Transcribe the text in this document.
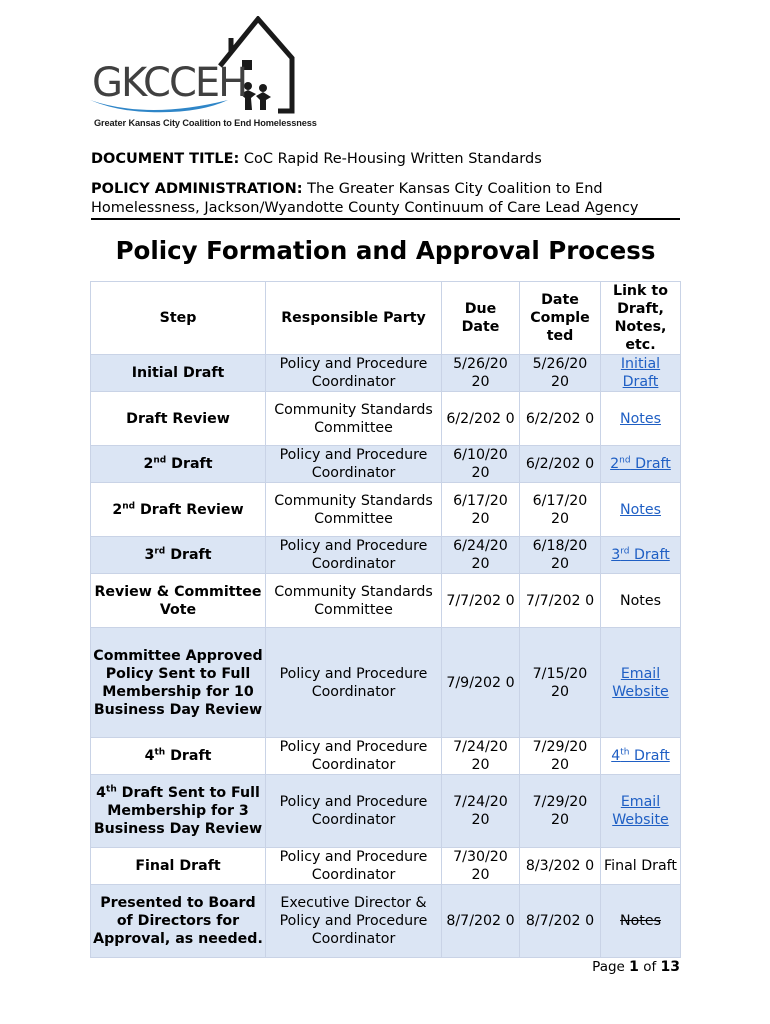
GKCCEH
Greater Kansas City Coalition to End Homelessness
DOCUMENT TITLE: CoC Rapid Re-Housing Written Standards
POLICY ADMINISTRATION: The Greater Kansas City Coalition to End Homelessness, Jackson/Wyandotte County Continuum of Care Lead Agency
Policy Formation and Approval Process
Step	Responsible Party	Due Date	Date Comple ted	Link to Draft, Notes, etc.
Initial Draft	Policy and Procedure Coordinator	5/26/20 20	5/26/20 20	Initial Draft
Draft Review	Community Standards Committee	6/2/202 0	6/2/202 0	Notes
2nd Draft	Policy and Procedure Coordinator	6/10/20 20	6/2/202 0	2nd Draft
2nd Draft Review	Community Standards Committee	6/17/20 20	6/17/20 20	Notes
3rd Draft	Policy and Procedure Coordinator	6/24/20 20	6/18/20 20	3rd Draft
Review & Committee Vote	Community Standards Committee	7/7/202 0	7/7/202 0	Notes
Committee Approved Policy Sent to Full Membership for 10 Business Day Review	Policy and Procedure Coordinator	7/9/202 0	7/15/20 20	Email Website
4th Draft	Policy and Procedure Coordinator	7/24/20 20	7/29/20 20	4th Draft
4th Draft Sent to Full Membership for 3 Business Day Review	Policy and Procedure Coordinator	7/24/20 20	7/29/20 20	Email Website
Final Draft	Policy and Procedure Coordinator	7/30/20 20	8/3/202 0	Final Draft
Presented to Board of Directors for Approval, as needed.	Executive Director & Policy and Procedure Coordinator	8/7/202 0	8/7/202 0	Notes
Page 1 of 13
